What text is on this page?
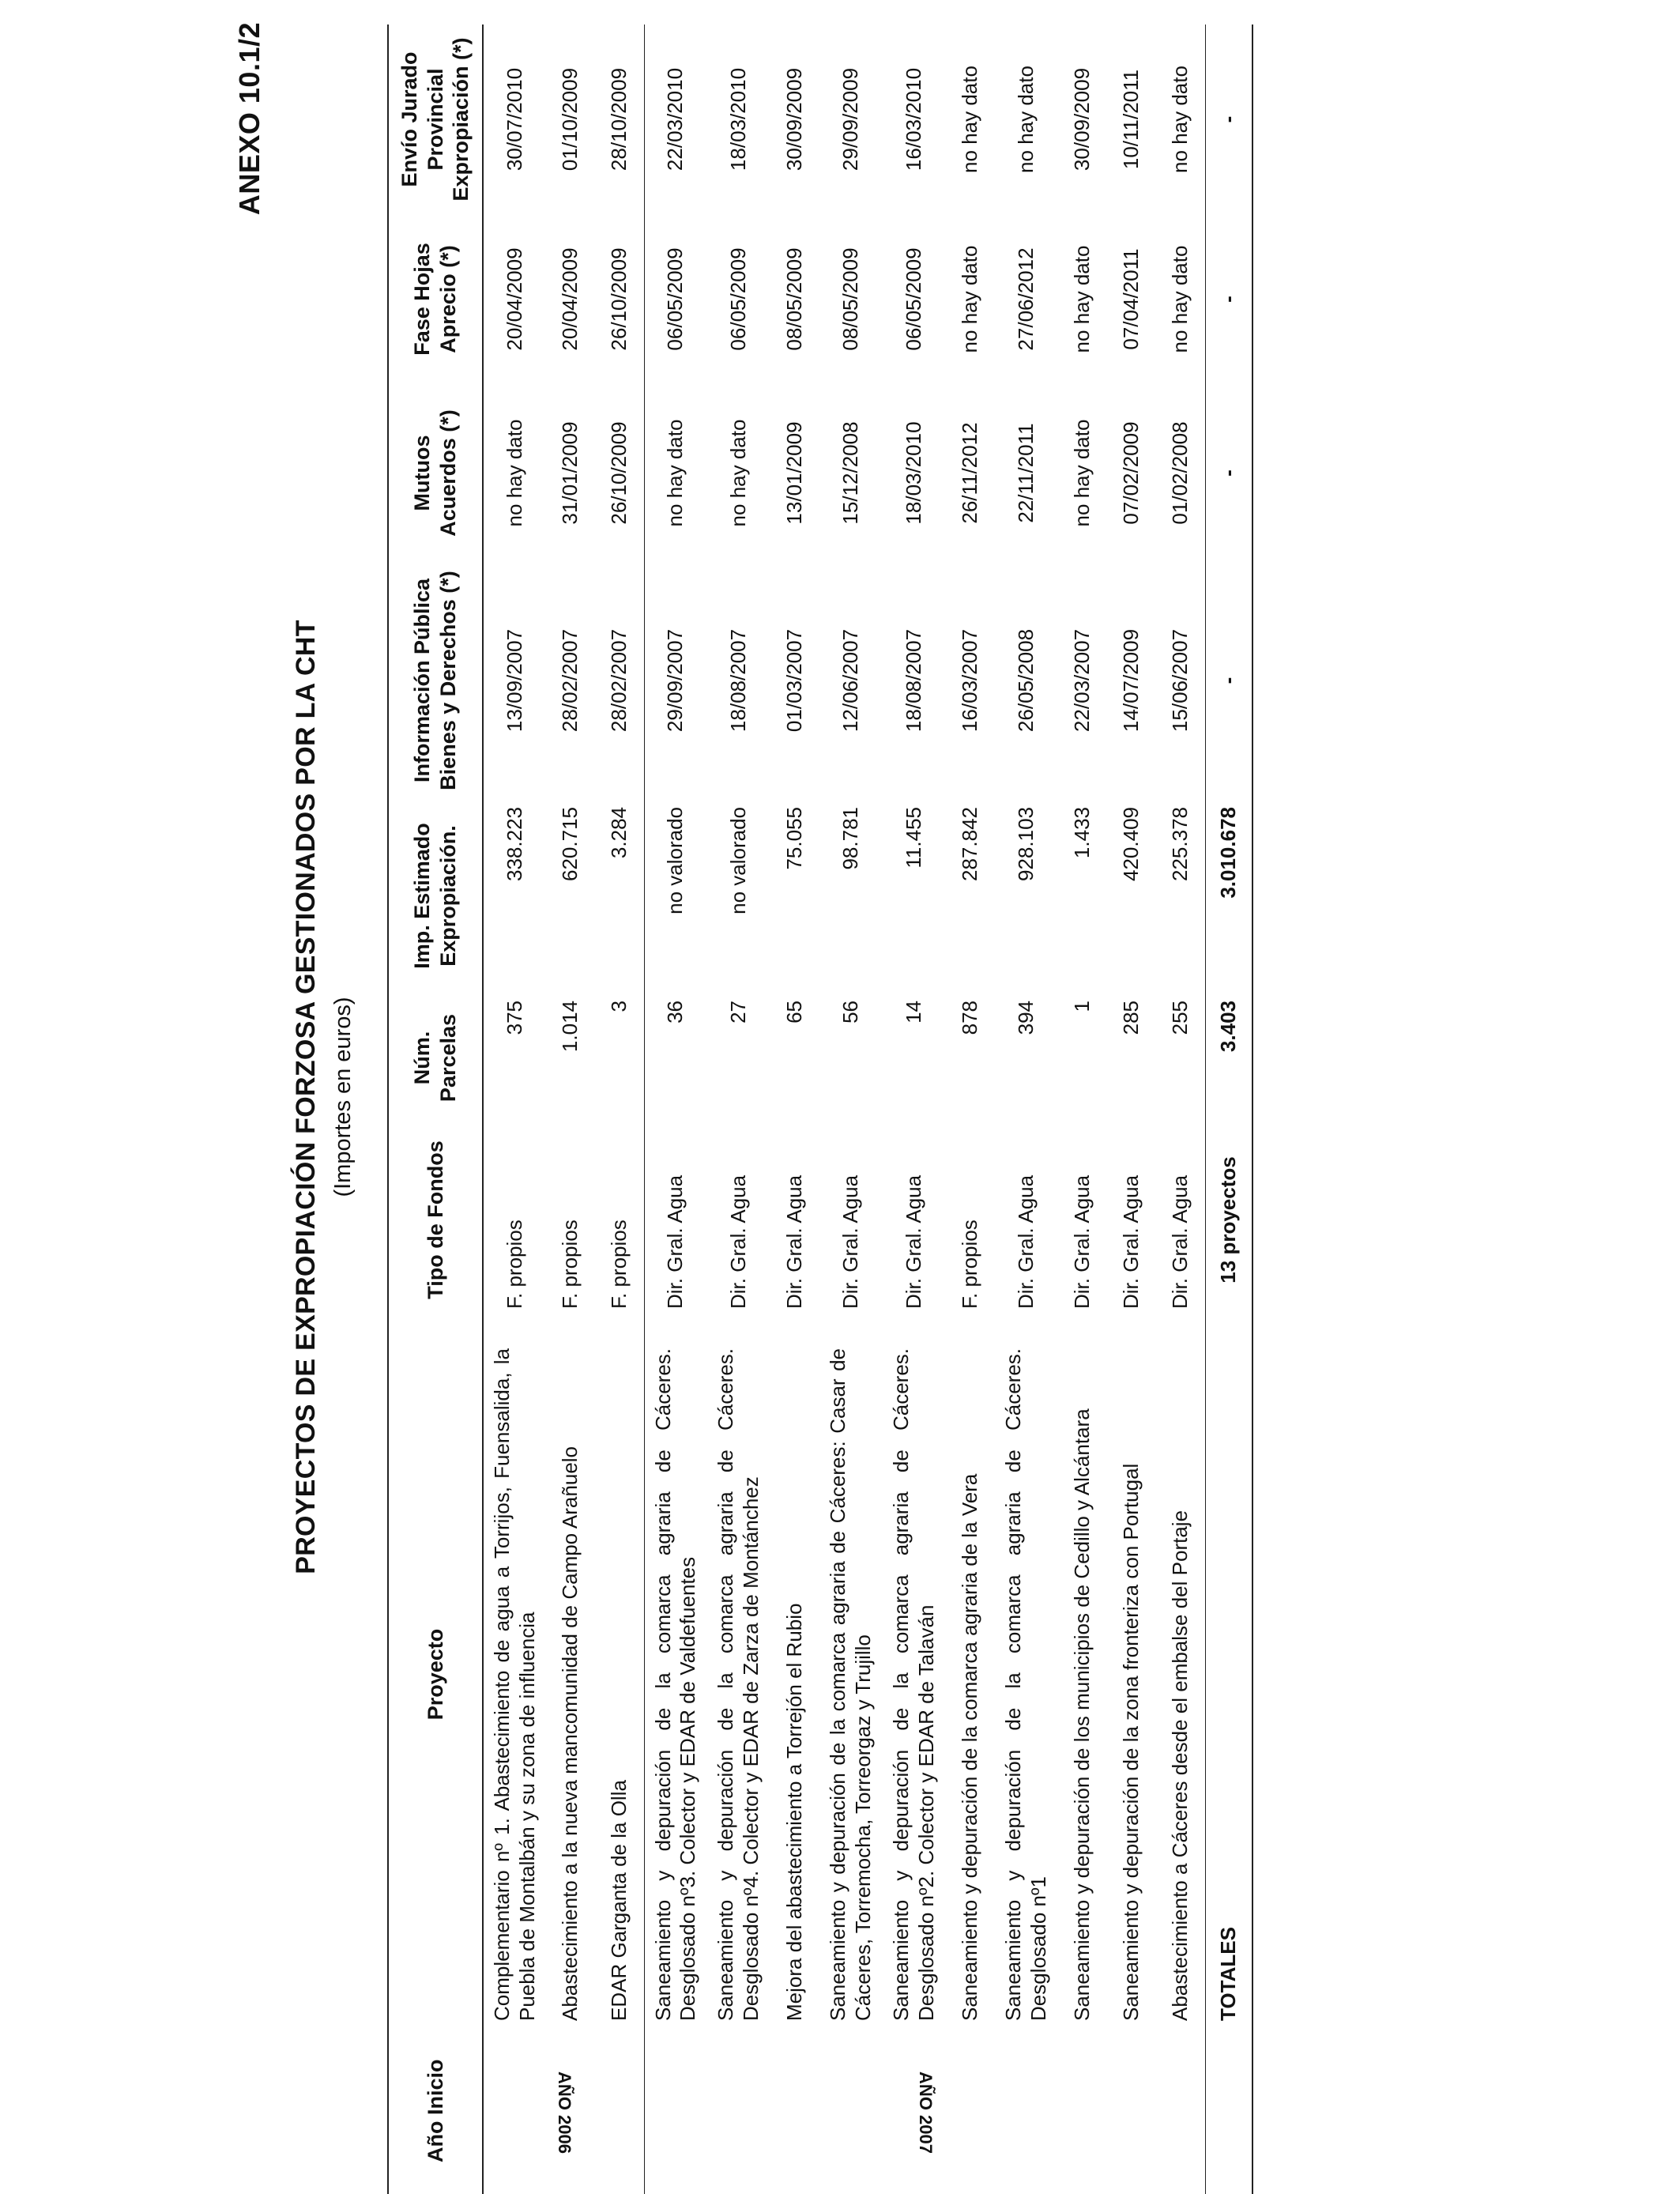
ANEXO 10.1/2
PROYECTOS DE EXPROPIACIÓN FORZOSA GESTIONADOS POR LA CHT (Importes en euros)
Año Inicio	Proyecto	Tipo de Fondos	Núm. Parcelas	Imp. Estimado Expropiación.	Información Pública Bienes y Derechos (*)	Mutuos Acuerdos (*)	Fase Hojas Aprecio (*)	Envío Jurado Provincial Expropiación (*)
AÑO 2006	Complementario nº 1. Abastecimiento de agua a Torrijos, Fuensalida, la Puebla de Montalbán y su zona de influencia	F. propios	375	338.223	13/09/2007	no hay dato	20/04/2009	30/07/2010
	Abastecimiento a la nueva mancomunidad de Campo Arañuelo	F. propios	1.014	620.715	28/02/2007	31/01/2009	20/04/2009	01/10/2009
	EDAR Garganta de la Olla	F. propios	3	3.284	28/02/2007	26/10/2009	26/10/2009	28/10/2009
AÑO 2007	Saneamiento y depuración de la comarca agraria de Cáceres. Desglosado nº3. Colector y EDAR de Valdefuentes	Dir. Gral. Agua	36	no valorado	29/09/2007	no hay dato	06/05/2009	22/03/2010
	Saneamiento y depuración de la comarca agraria de Cáceres. Desglosado nº4. Colector y EDAR de Zarza de Montánchez	Dir. Gral. Agua	27	no valorado	18/08/2007	no hay dato	06/05/2009	18/03/2010
	Mejora del abastecimiento a Torrejón el Rubio	Dir. Gral. Agua	65	75.055	01/03/2007	13/01/2009	08/05/2009	30/09/2009
	Saneamiento y depuración de la comarca agraria de Cáceres: Casar de Cáceres, Torremocha, Torreorgaz y Trujillo	Dir. Gral. Agua	56	98.781	12/06/2007	15/12/2008	08/05/2009	29/09/2009
	Saneamiento y depuración de la comarca agraria de Cáceres. Desglosado nº2. Colector y EDAR de Talaván	Dir. Gral. Agua	14	11.455	18/08/2007	18/03/2010	06/05/2009	16/03/2010
	Saneamiento y depuración de la comarca agraria de la Vera	F. propios	878	287.842	16/03/2007	26/11/2012	no hay dato	no hay dato
	Saneamiento y depuración de la comarca agraria de Cáceres. Desglosado nº1	Dir. Gral. Agua	394	928.103	26/05/2008	22/11/2011	27/06/2012	no hay dato
	Saneamiento y depuración de los municipios de Cedillo y Alcántara	Dir. Gral. Agua	1	1.433	22/03/2007	no hay dato	no hay dato	30/09/2009
	Saneamiento y depuración de la zona fronteriza con Portugal	Dir. Gral. Agua	285	420.409	14/07/2009	07/02/2009	07/04/2011	10/11/2011
	Abastecimiento a Cáceres desde el embalse del Portaje	Dir. Gral. Agua	255	225.378	15/06/2007	01/02/2008	no hay dato	no hay dato
	TOTALES	13 proyectos	3.403	3.010.678	-	-	-	-
